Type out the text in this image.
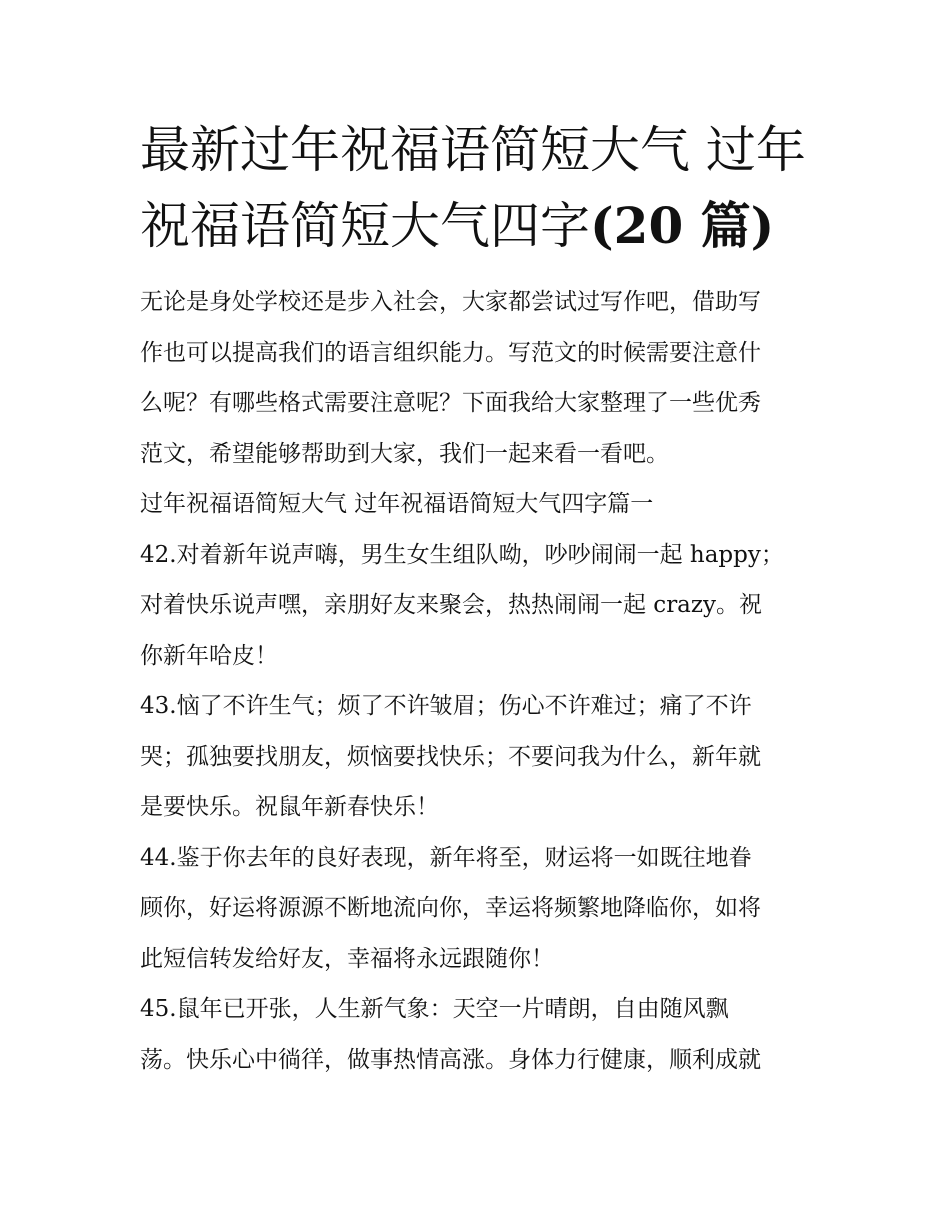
最新过年祝福语简短大气 过年
祝福语简短大气四字(20 篇)
无论是身处学校还是步入社会，大家都尝试过写作吧，借助写
作也可以提高我们的语言组织能力。写范文的时候需要注意什
么呢？有哪些格式需要注意呢？下面我给大家整理了一些优秀
范文，希望能够帮助到大家，我们一起来看一看吧。
过年祝福语简短大气 过年祝福语简短大气四字篇一
42.对着新年说声嗨，男生女生组队呦，吵吵闹闹一起 happy；
对着快乐说声嘿，亲朋好友来聚会，热热闹闹一起 crazy。祝
你新年哈皮！
43.恼了不许生气；烦了不许皱眉；伤心不许难过；痛了不许
哭；孤独要找朋友，烦恼要找快乐；不要问我为什么，新年就
是要快乐。祝鼠年新春快乐！
44.鉴于你去年的良好表现，新年将至，财运将一如既往地眷
顾你，好运将源源不断地流向你，幸运将频繁地降临你，如将
此短信转发给好友，幸福将永远跟随你！
45.鼠年已开张，人生新气象：天空一片晴朗，自由随风飘
荡。快乐心中徜徉，做事热情高涨。身体力行健康，顺利成就
